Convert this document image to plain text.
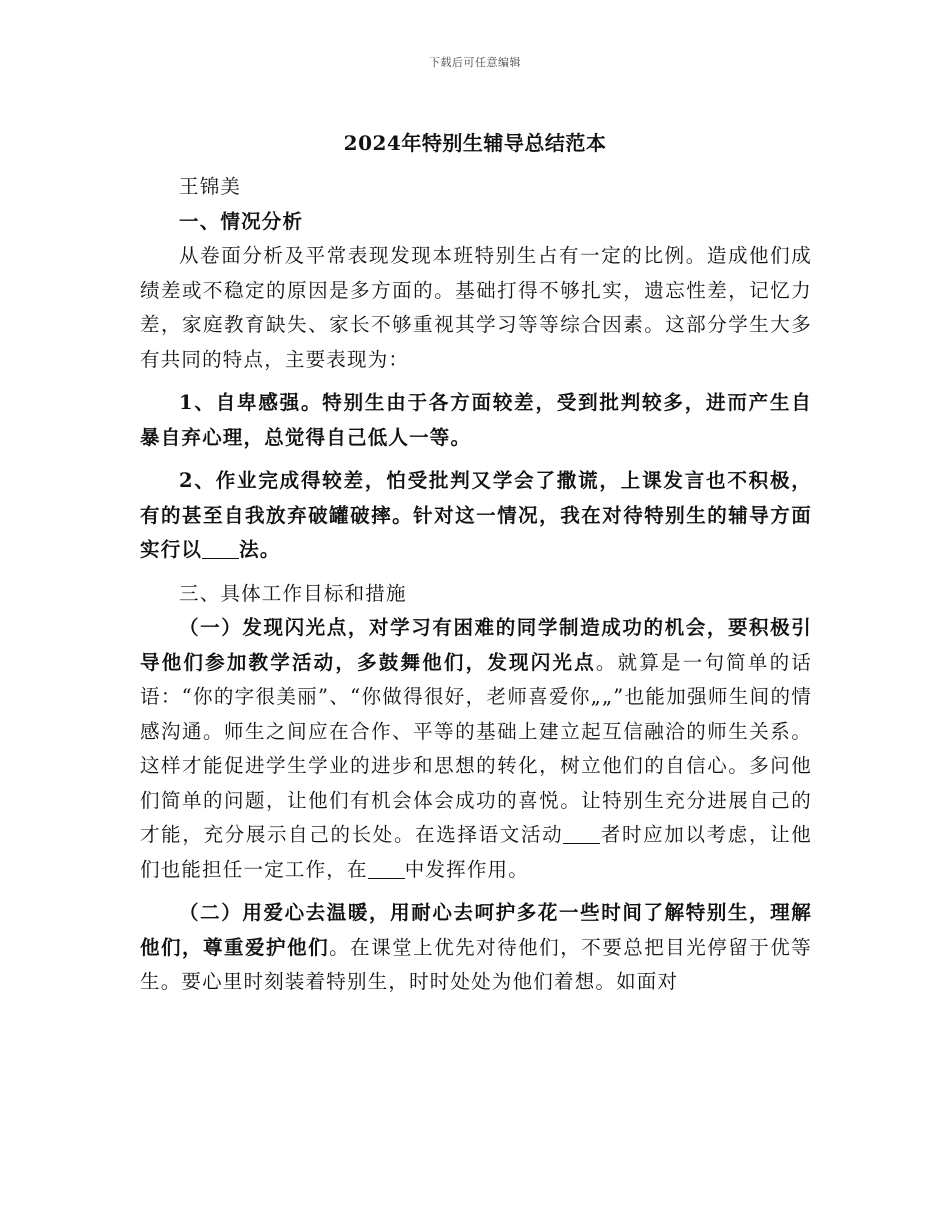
下载后可任意编辑
2024年特别生辅导总结范本

王锦美

一、情况分析

从卷面分析及平常表现发现本班特别生占有一定的比例。造成他们成绩差或不稳定的原因是多方面的。基础打得不够扎实，遗忘性差，记忆力差，家庭教育缺失、家长不够重视其学习等等综合因素。这部分学生大多有共同的特点，主要表现为：

1、自卑感强。特别生由于各方面较差，受到批判较多，进而产生自暴自弃心理，总觉得自己低人一等。

2、作业完成得较差，怕受批判又学会了撒谎，上课发言也不积极，有的甚至自我放弃破罐破摔。针对这一情况，我在对待特别生的辅导方面实行以 法。

三、具体工作目标和措施

（一）发现闪光点，对学习有困难的同学制造成功的机会，要积极引导他们参加教学活动，多鼓舞他们，发现闪光点。就算是一句简单的话语：“你的字很美丽”、“你做得很好，老师喜爱你„„”也能加强师生间的情感沟通。师生之间应在合作、平等的基础上建立起互信融洽的师生关系。这样才能促进学生学业的进步和思想的转化，树立他们的自信心。多问他们简单的问题，让他们有机会体会成功的喜悦。让特别生充分进展自己的才能，充分展示自己的长处。在选择语文活动 者时应加以考虑，让他们也能担任一定工作，在 中发挥作用。

（二）用爱心去温暖，用耐心去呵护多花一些时间了解特别生，理解他们，尊重爱护他们。在课堂上优先对待他们，不要总把目光停留于优等生。要心里时刻装着特别生，时时处处为他们着想。如面对
